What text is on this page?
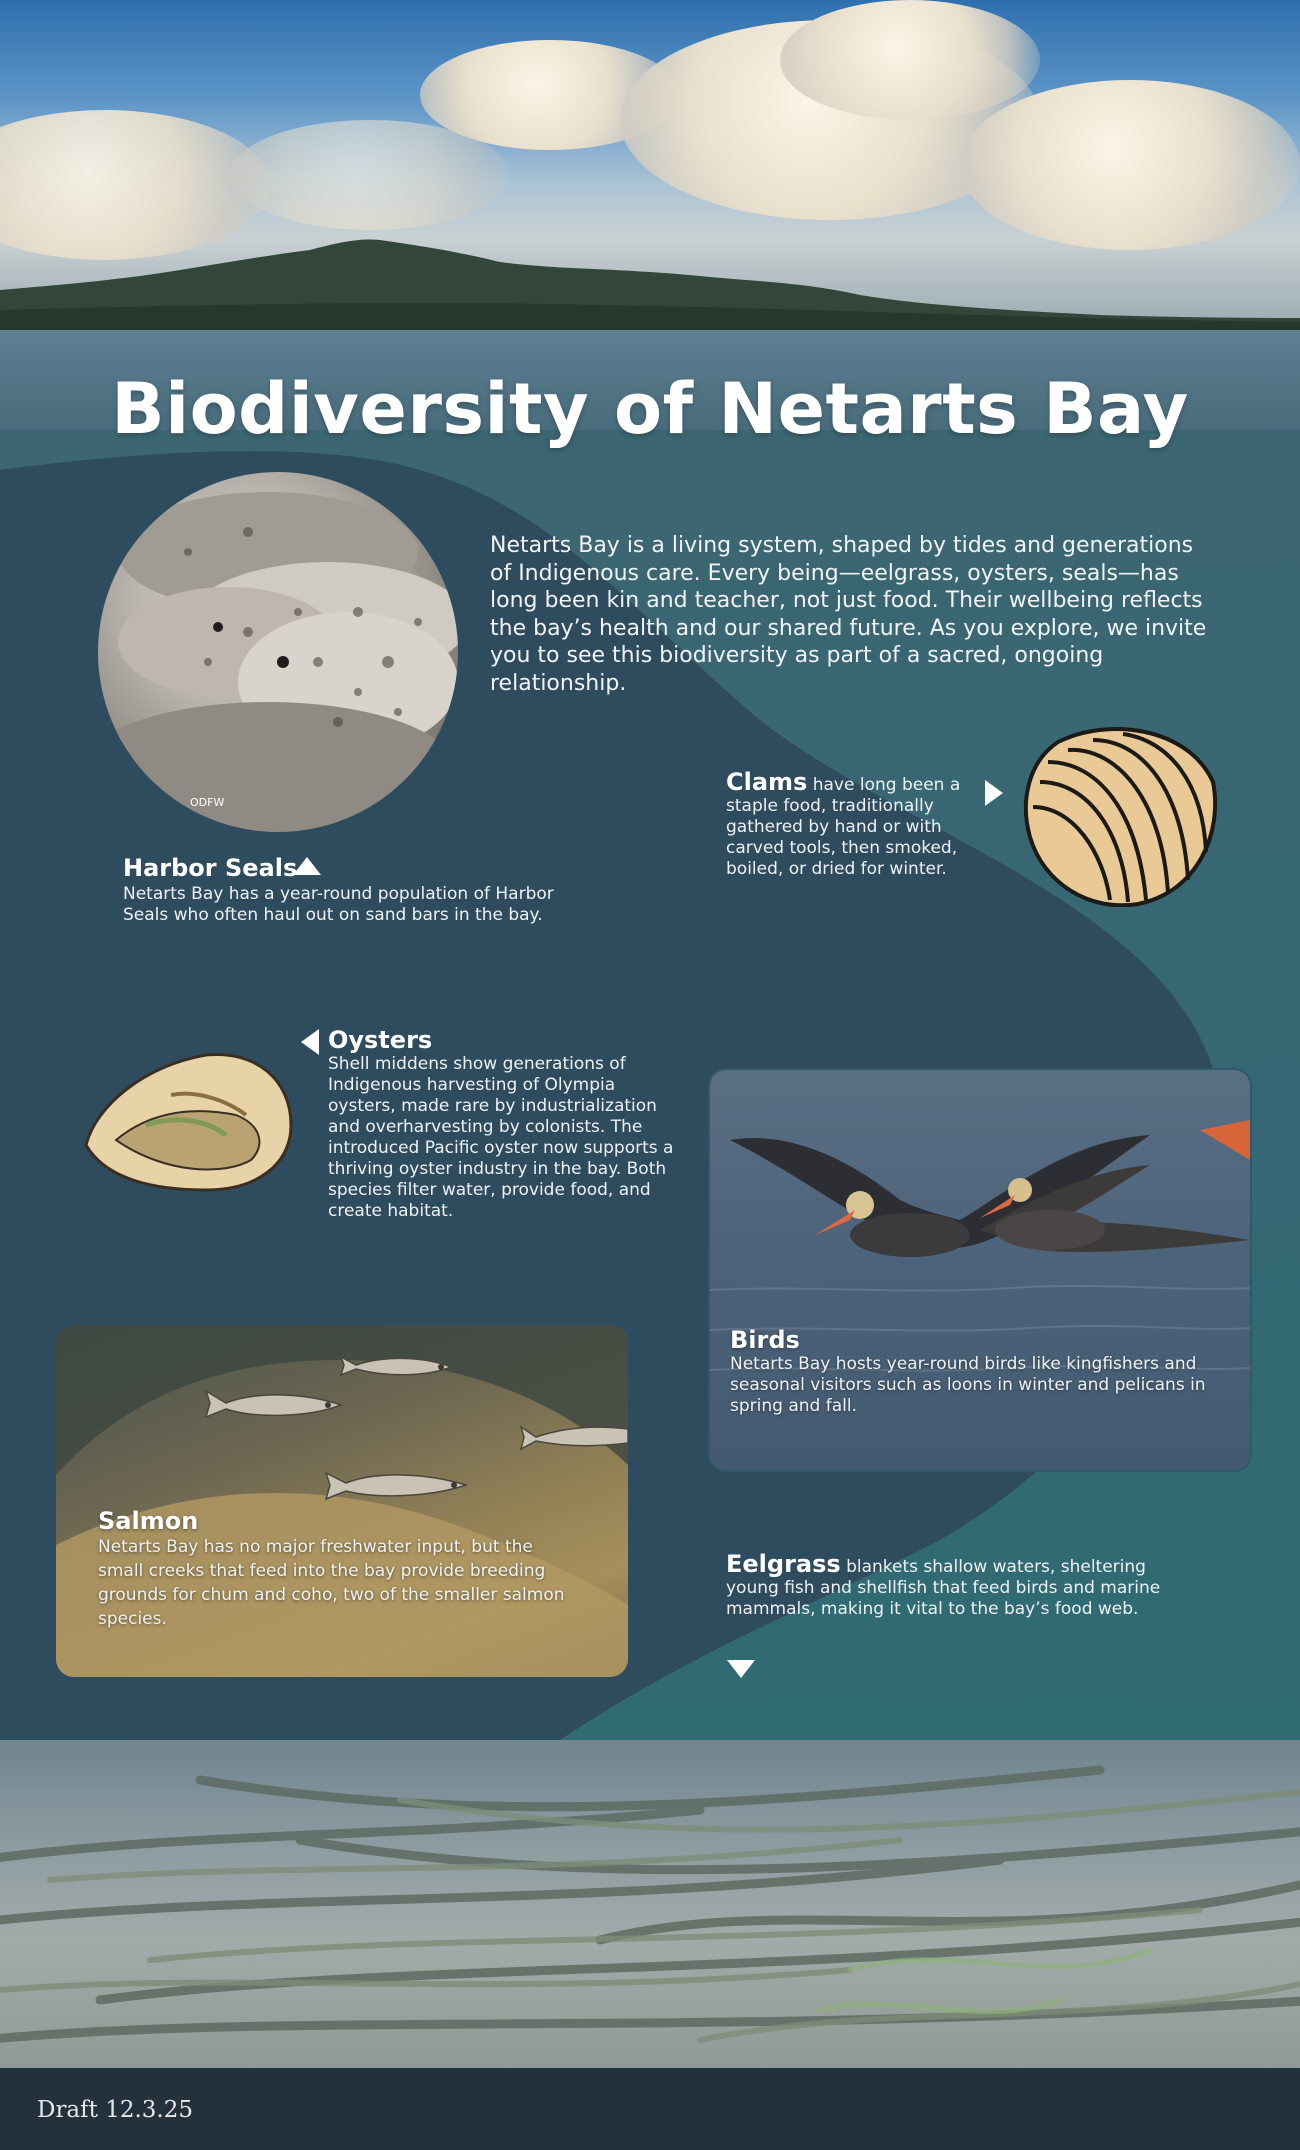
Biodiversity of Netarts Bay

Netarts Bay is a living system, shaped by tides and generations of Indigenous care. Every being—eelgrass, oysters, seals—has long been kin and teacher, not just food. Their wellbeing reflects the bay’s health and our shared future. As you explore, we invite you to see this biodiversity as part of a sacred, ongoing relationship.

ODFW
Harbor Seals
Netarts Bay has a year-round population of Harbor Seals who often haul out on sand bars in the bay.

Clams have long been a staple food, traditionally gathered by hand or with carved tools, then smoked, boiled, or dried for winter.

Oysters
Shell middens show generations of Indigenous harvesting of Olympia oysters, made rare by industrialization and overharvesting by colonists. The introduced Pacific oyster now supports a thriving oyster industry in the bay. Both species filter water, provide food, and create habitat.
Birds
Netarts Bay hosts year-round birds like kingfishers and seasonal visitors such as loons in winter and pelicans in spring and fall.
Salmon
Netarts Bay has no major freshwater input, but the small creeks that feed into the bay provide breeding grounds for chum and coho, two of the smaller salmon species.

Eelgrass blankets shallow waters, sheltering young fish and shellfish that feed birds and marine mammals, making it vital to the bay’s food web.

Draft 12.3.25
